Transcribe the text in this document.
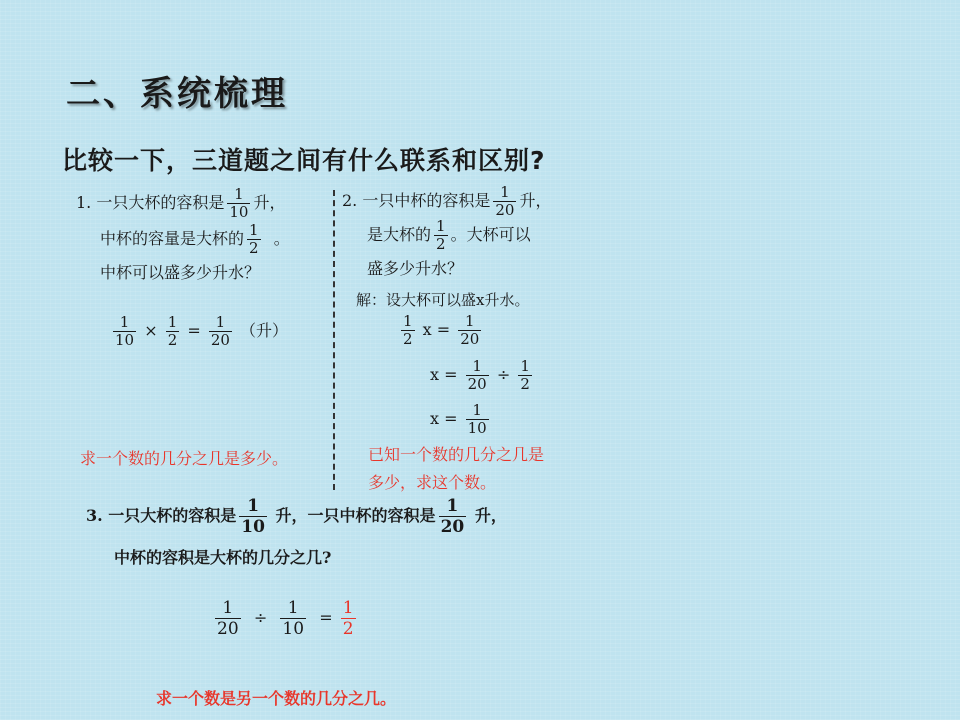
二、系统梳理
比较一下，三道题之间有什么联系和区别?
1. 一只大杯的容积是 $\frac{1}{10}$ 升，
中杯的容量是大杯的 $\frac{1}{2}$ 。
中杯可以盛多少升水？
$\frac{1}{10} \times \frac{1}{2} = \frac{1}{20}$ （升）
求一个数的几分之几是多少。
2. 一只中杯的容积是 $\frac{1}{20}$ 升，
是大杯的 $\frac{1}{2}$ 。大杯可以
盛多少升水？
解：设大杯可以盛x升水。
$\frac{1}{2}$ $x = \frac{1}{20}$
$x = \frac{1}{20} \div \frac{1}{2}$
$x = \frac{1}{10}$
已知一个数的几分之几是
多少，求这个数。
3. 一只大杯的容积是 $\frac{1}{10}$ 升，一只中杯的容积是 $\frac{1}{20}$ 升，
中杯的容积是大杯的几分之几?
$\frac{1}{20} \div \frac{1}{10} = \frac{1}{2}$
求一个数是另一个数的几分之几。
